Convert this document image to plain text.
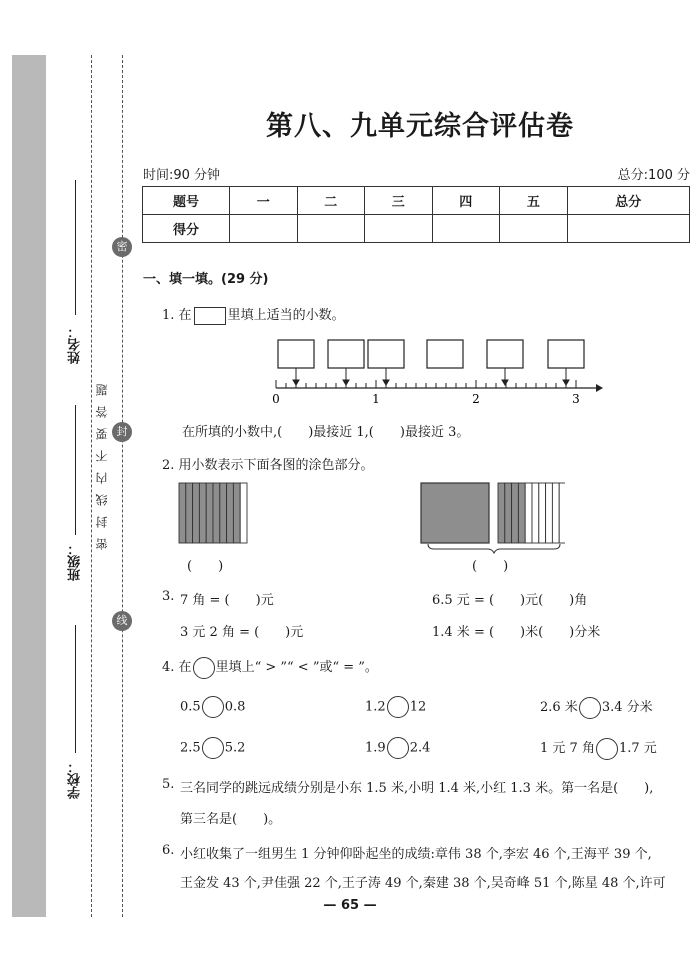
密
封
线
密封线内不要答题
姓名：
班级：
学校：
第八、九单元综合评估卷
时间:90 分钟	总分:100 分
题号	一	二	三	四	五	总分
得分						
一、填一填。(29 分)
1. 在	里填上适当的小数。
0	1	2	3
在所填的小数中,(　　)最接近 1,(　　)最接近 3。
2. 用小数表示下面各图的涂色部分。
(　　)	(　　)
3. 7 角 = (　　)元	6.5 元 = (　　)元(　　)角
3 元 2 角 = (　　)元	1.4 米 = (　　)米(　　)分米
4. 在 里填上“ > ”“ < ”或“ = ”。
0.5 0.8	1.2 12	2.6 米 3.4 分米
2.5 5.2	1.9 2.4	1 元 7 角 1.7 元
5. 三名同学的跳远成绩分别是小东 1.5 米,小明 1.4 米,小红 1.3 米。第一名是(　　),
第三名是(　　)。
6. 小红收集了一组男生 1 分钟仰卧起坐的成绩:章伟 38 个,李宏 46 个,王海平 39 个,
王金发 43 个,尹佳强 22 个,王子涛 49 个,秦建 38 个,吴奇峰 51 个,陈星 48 个,许可
— 65 —
